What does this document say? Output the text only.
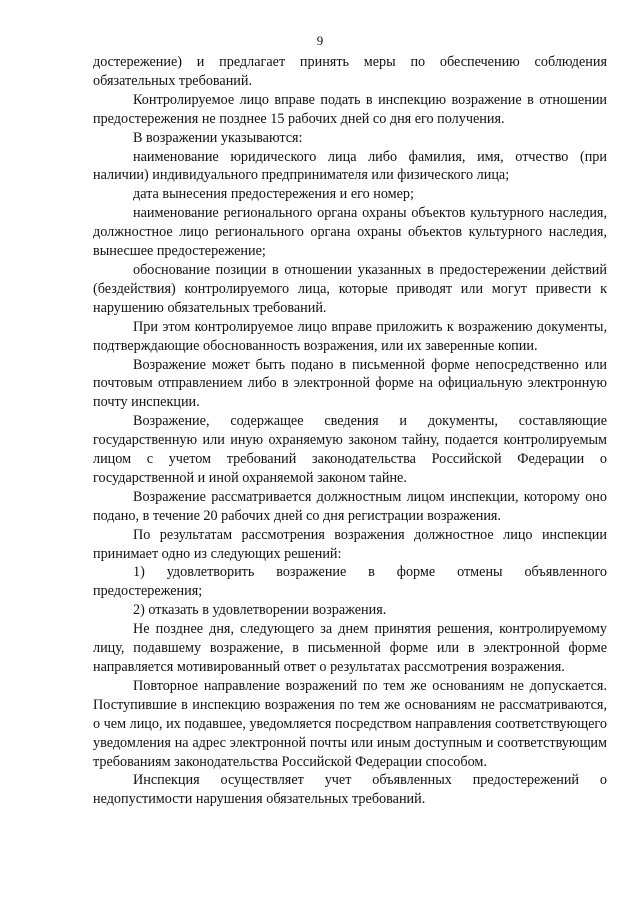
9

достережение) и предлагает принять меры по обеспечению соблюдения обязательных требований.

Контролируемое лицо вправе подать в инспекцию возражение в отношении предостережения не позднее 15 рабочих дней со дня его получения.

В возражении указываются:

наименование юридического лица либо фамилия, имя, отчество (при наличии) индивидуального предпринимателя или физического лица;

дата вынесения предостережения и его номер;

наименование регионального органа охраны объектов культурного наследия, должностное лицо регионального органа охраны объектов культурного наследия, вынесшее предостережение;

обоснование позиции в отношении указанных в предостережении действий (бездействия) контролируемого лица, которые приводят или могут привести к нарушению обязательных требований.

При этом контролируемое лицо вправе приложить к возражению документы, подтверждающие обоснованность возражения, или их заверенные копии.

Возражение может быть подано в письменной форме непосредственно или почтовым отправлением либо в электронной форме на официальную электронную почту инспекции.

Возражение, содержащее сведения и документы, составляющие государственную или иную охраняемую законом тайну, подается контролируемым лицом с учетом требований законодательства Российской Федерации о государственной и иной охраняемой законом тайне.

Возражение рассматривается должностным лицом инспекции, которому оно подано, в течение 20 рабочих дней со дня регистрации возражения.

По результатам рассмотрения возражения должностное лицо инспекции принимает одно из следующих решений:

1) удовлетворить возражение в форме отмены объявленного предостережения;

2) отказать в удовлетворении возражения.

Не позднее дня, следующего за днем принятия решения, контролируемому лицу, подавшему возражение, в письменной форме или в электронной форме направляется мотивированный ответ о результатах рассмотрения возражения.

Повторное направление возражений по тем же основаниям не допускается. Поступившие в инспекцию возражения по тем же основаниям не рассматриваются, о чем лицо, их подавшее, уведомляется посредством направления соответствующего уведомления на адрес электронной почты или иным доступным и соответствующим требованиям законодательства Российской Федерации способом.

Инспекция осуществляет учет объявленных предостережений о недопустимости нарушения обязательных требований.
